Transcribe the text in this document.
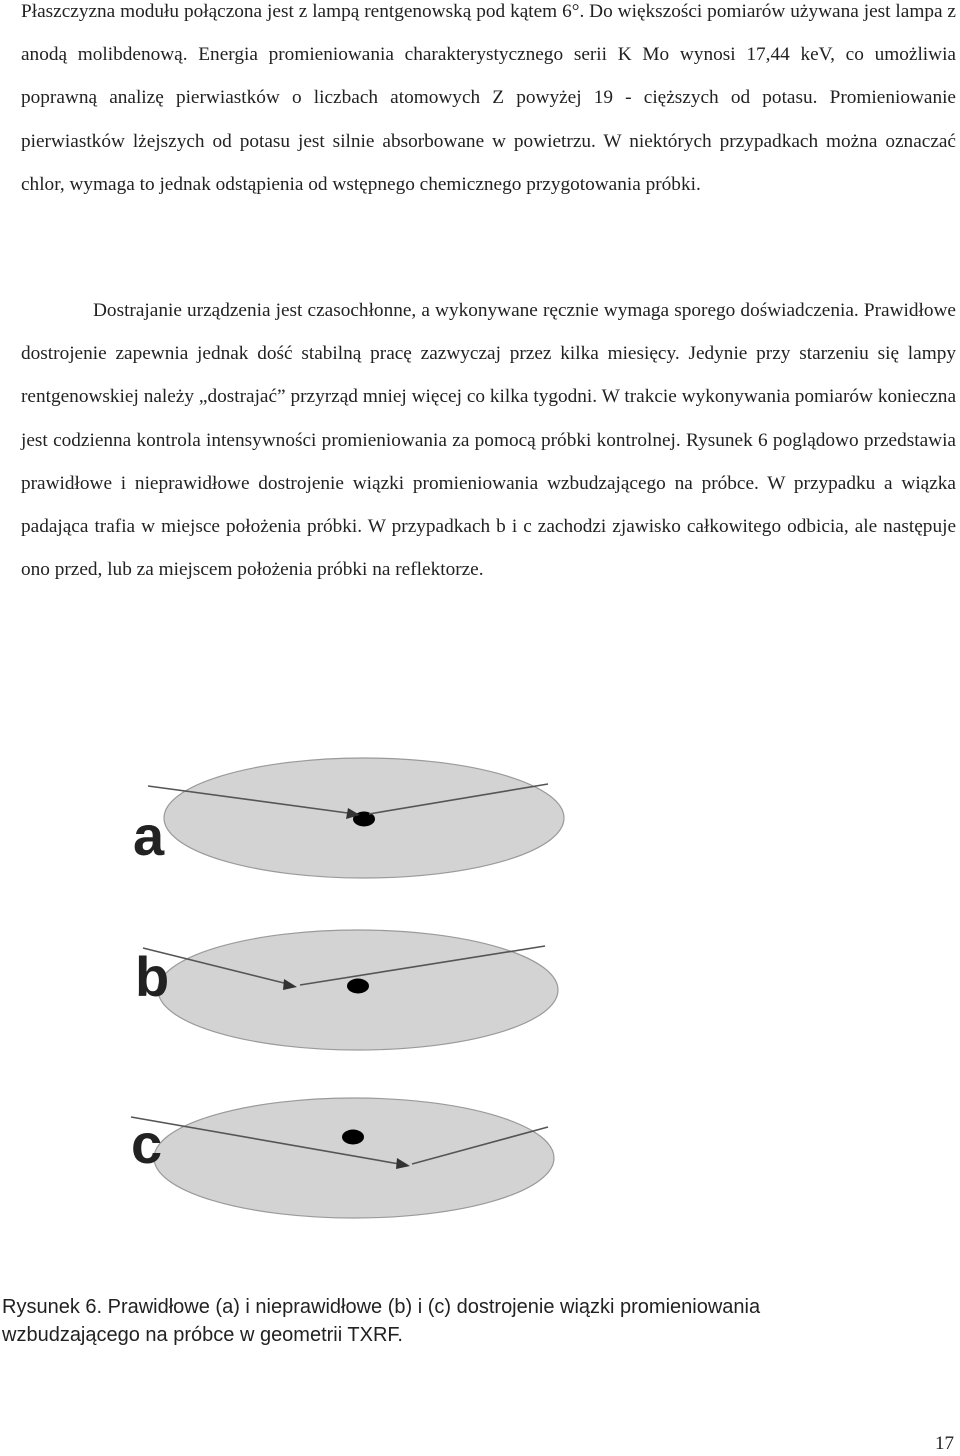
Płaszczyzna modułu połączona jest z lampą rentgenowską pod kątem 6°. Do większości pomiarów używana jest lampa z anodą molibdenową. Energia promieniowania charakterystycznego serii K Mo wynosi 17,44 keV, co umożliwia poprawną analizę pierwiastków o liczbach atomowych Z powyżej 19 - cięższych od potasu. Promieniowanie pierwiastków lżejszych od potasu jest silnie absorbowane w powietrzu. W niektórych przypadkach można oznaczać chlor, wymaga to jednak odstąpienia od wstępnego chemicznego przygotowania próbki.

Dostrajanie urządzenia jest czasochłonne, a wykonywane ręcznie wymaga sporego doświadczenia. Prawidłowe dostrojenie zapewnia jednak dość stabilną pracę zazwyczaj przez kilka miesięcy. Jedynie przy starzeniu się lampy rentgenowskiej należy „dostrajać” przyrząd mniej więcej co kilka tygodni. W trakcie wykonywania pomiarów konieczna jest codzienna kontrola intensywności promieniowania za pomocą próbki kontrolnej. Rysunek 6 poglądowo przedstawia prawidłowe i nieprawidłowe dostrojenie wiązki promieniowania wzbudzającego na próbce. W przypadku a wiązka padająca trafia w miejsce położenia próbki. W przypadkach b i c zachodzi zjawisko całkowitego odbicia, ale następuje ono przed, lub za miejscem położenia próbki na reflektorze.

a
b
c
Rysunek 6. Prawidłowe (a) i nieprawidłowe (b) i (c) dostrojenie wiązki promieniowania wzbudzającego na próbce w geometrii TXRF.
17
